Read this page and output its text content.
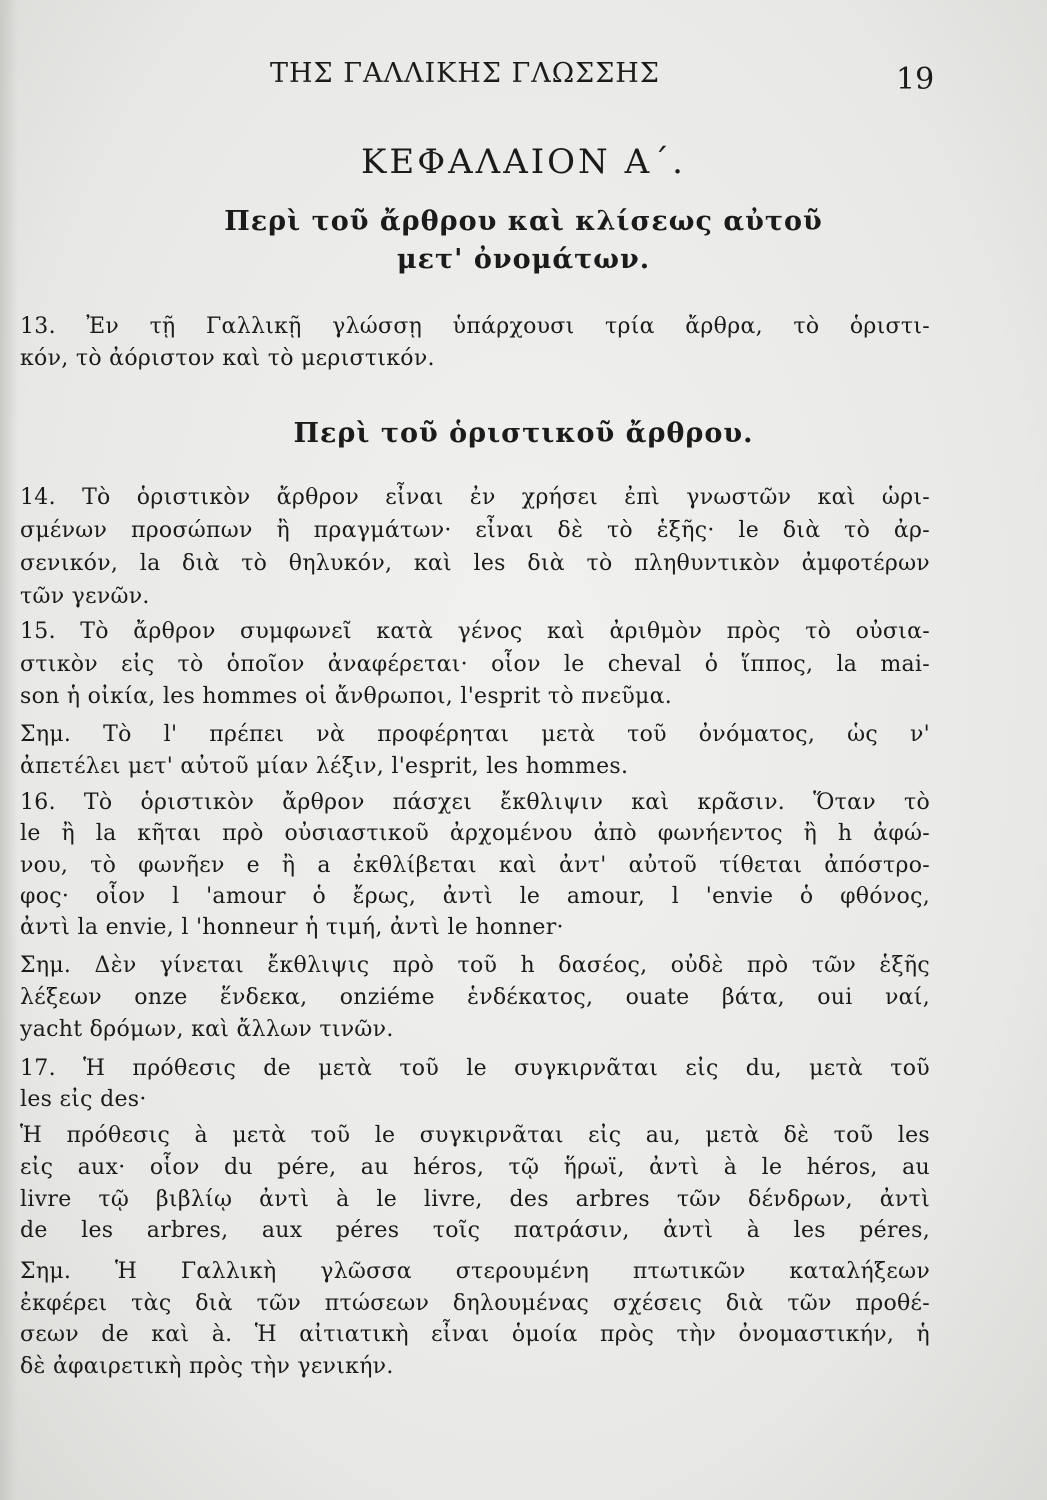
ΤΗΣ ΓΑΛΛΙΚΗΣ ΓΛΩΣΣΗΣ	19
ΚΕΦΑΛΑΙΟΝ Α΄.
Περὶ τοῦ ἄρθρου καὶ κλίσεως αὐτοῦ
μετ' ὀνομάτων.
13. Ἐν τῇ Γαλλικῇ γλώσσῃ ὑπάρχουσι τρία ἄρθρα, τὸ ὁριστι-
κόν, τὸ ἀόριστον καὶ τὸ μεριστικόν.
Περὶ τοῦ ὁριστικοῦ ἄρθρου.
14. Τὸ ὁριστικὸν ἄρθρον εἶναι ἐν χρήσει ἐπὶ γνωστῶν καὶ ὡρι-
σμένων προσώπων ἢ πραγμάτων· εἶναι δὲ τὸ ἑξῆς· le διὰ τὸ ἀρ-
σενικόν, la διὰ τὸ θηλυκόν, καὶ les διὰ τὸ πληθυντικὸν ἀμφοτέρων
τῶν γενῶν.
15. Τὸ ἄρθρον συμφωνεῖ κατὰ γένος καὶ ἀριθμὸν πρὸς τὸ οὐσια-
στικὸν εἰς τὸ ὁποῖον ἀναφέρεται· οἷον le cheval ὁ ἵππος, la mai-
son ἡ οἰκία, les hommes οἱ ἄνθρωποι, l'esprit τὸ πνεῦμα.
Σημ. Τὸ l' πρέπει νὰ προφέρηται μετὰ τοῦ ὀνόματος, ὡς ν'
ἀπετέλει μετ' αὐτοῦ μίαν λέξιν, l'esprit, les hommes.
16. Τὸ ὁριστικὸν ἄρθρον πάσχει ἔκθλιψιν καὶ κρᾶσιν. Ὅταν τὸ
le ἢ la κῆται πρὸ οὐσιαστικοῦ ἀρχομένου ἀπὸ φωνήεντος ἢ h ἀφώ-
νου, τὸ φωνῆεν e ἢ a ἐκθλίβεται καὶ ἀντ' αὐτοῦ τίθεται ἀπόστρο-
φος· οἷον l 'amour ὁ ἔρως, ἀντὶ le amour, l 'envie ὁ φθόνος,
ἀντὶ la envie, l 'honneur ἡ τιμή, ἀντὶ le honner·
Σημ. Δὲν γίνεται ἔκθλιψις πρὸ τοῦ h δασέος, οὐδὲ πρὸ τῶν ἑξῆς
λέξεων onze ἕνδεκα, onziéme ἑνδέκατος, ouate βάτα, oui ναί,
yacht δρόμων, καὶ ἄλλων τινῶν.
17. Ἡ πρόθεσις de μετὰ τοῦ le συγκιρνᾶται εἰς du, μετὰ τοῦ
les εἰς des·
Ἡ πρόθεσις à μετὰ τοῦ le συγκιρνᾶται εἰς au, μετὰ δὲ τοῦ les
εἰς aux· οἷον du pére, au héros, τῷ ἥρωϊ, ἀντὶ à le héros, au
livre τῷ βιβλίῳ ἀντὶ à le livre, des arbres τῶν δένδρων, ἀντὶ
de les arbres, aux péres τοῖς πατράσιν, ἀντὶ à les péres,
Σημ. Ἡ Γαλλικὴ γλῶσσα στερουμένη πτωτικῶν καταλήξεων
ἐκφέρει τὰς διὰ τῶν πτώσεων δηλουμένας σχέσεις διὰ τῶν προθέ-
σεων de καὶ à. Ἡ αἰτιατικὴ εἶναι ὁμοία πρὸς τὴν ὀνομαστικήν, ἡ
δὲ ἀφαιρετικὴ πρὸς τὴν γενικήν.
